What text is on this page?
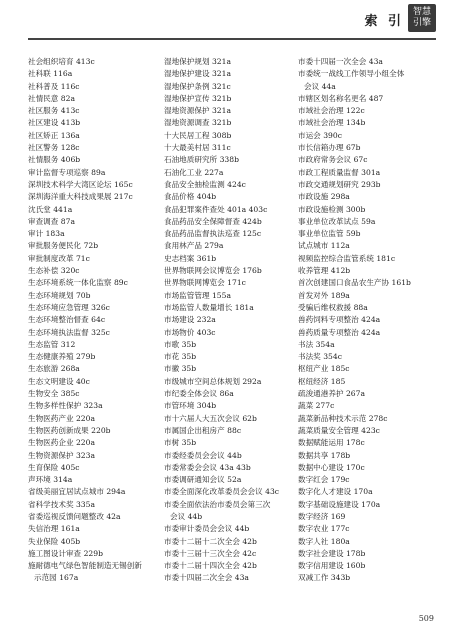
索 引
智慧
引擎
社会组织培育 413c
社科联 116a
社科普及 116c
社情民意 82a
社区服务 413c
社区建设 413b
社区矫正 136a
社区警务 128c
社情服务 406b
审计监督专项巡察 89a
深圳技术科学大湾区论坛 165c
深圳海洋重大科技成果展 217c
沈氏堂 441a
审查调查 87a
审计 183a
审批服务便民化 72b
审批制度改革 71c
生态补偿 320c
生态环境系统一体化监察 89c
生态环境规划 70b
生态环境应急管理 326c
生态环境整治督查 64c
生态环境执法监督 325c
生态监管 312
生态健康养殖 279b
生态旅游 268a
生态文明建设 40c
生物安全 385c
生物多样性保护 323a
生物医药产业 220a
生物医药创新成果 220b
生物医药企业 220a
生物资源保护 323a
生育保险 405c
声环境 314a
省级美丽宜居试点城市 294a
省科学技术奖 335a
省委巡视反馈问题整改 42a
失信治理 161a
失业保险 405b
施工图设计审查 229b
施耐德电气绿色智能制造无锡创新
示范园 167a
湿地保护规划 321a
湿地保护建设 321a
湿地保护条例 321c
湿地保护宣传 321b
湿地资源保护 321a
湿地资源调查 321b
十大民居工程 308b
十大最美村居 311c
石油地质研究所 338b
石油化工业 227a
食品安全抽检监测 424c
食品价格 404b
食品犯罪案件查处 401a 403c
食品药品安全保障督查 424b
食品药品监督执法巡查 125c
食用林产品 279a
史志档案 361b
世界物联网会议博览会 176b
世界物联网博览会 171c
市场监管管理 155a
市场监管人数量增长 181a
市场建设 232a
市场物价 403c
市歌 35b
市花 35b
市徽 35b
市级城市空间总体规划 292a
市纪委全体会议 86a
市管环境 304b
市十六届人大五次会议 62b
市属国企出租房产 88c
市树 35b
市委经委员会会议 44b
市委常委会会议 43a 43b
市委调研通知会议 52a
市委全面深化改革委员会会议 43c
市委全面依法治市委员会第三次
会议 44b
市委审计委员会会议 44b
市委十二届十二次全会 42b
市委十三届十三次全会 42c
市委十二届十四次全会 42b
市委十四届二次全会 43a
市委十四届一次全会 43a
市委统一战线工作领导小组全体
会议 44a
市辖区划名称名更名 487
市域社会治理 122c
市域社会治理 134b
市运会 390c
市长信箱办理 67b
市政府常务会议 67c
市政工程质量监督 301a
市政交通规划研究 293b
市政设施 298a
市政设施检测 300b
事业单位改革试点 59a
事业单位监管 59b
试点城市 112a
视频监控综合监管系统 181c
收养管理 412b
首次创建国口食品农生产协 161b
首发对外 189a
受骗后维权救援 88a
兽药饲料专项整治 424a
兽药质量专项整治 424a
书法 354a
书法奖 354c
枢纽产业 185c
枢纽经济 185
疏浚通港养护 267a
蔬菜 277c
蔬菜新品种技术示范 278c
蔬菜质量安全管理 423c
数据赋能运用 178c
数据共享 178b
数据中心建设 170c
数字红会 179c
数字化人才建设 170a
数字基础设施建设 170a
数字经济 169
数字农业 177c
数字人社 180a
数字社会建设 178b
数字信用建设 160b
双减工作 343b
509
